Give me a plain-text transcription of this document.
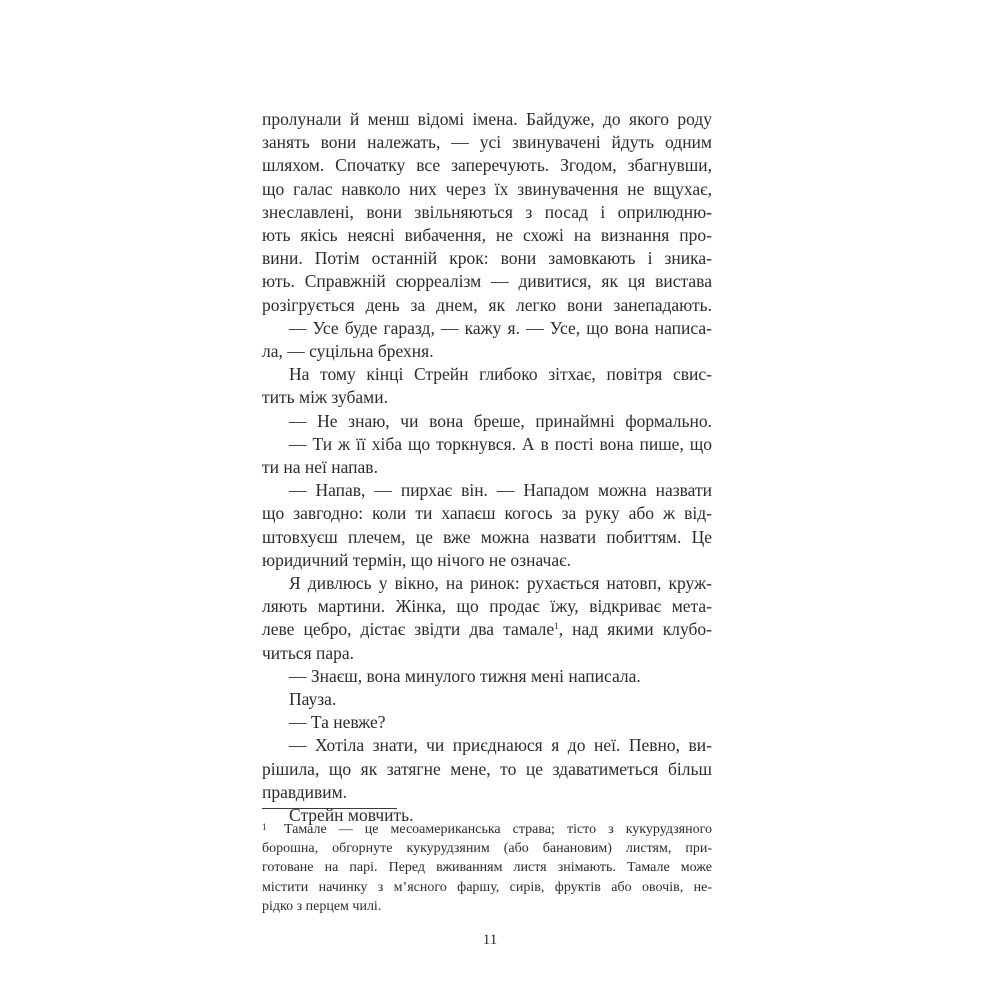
пролунали й менш відомі імена. Байдуже, до якого роду
занять вони належать, — усі звинувачені йдуть одним
шляхом. Спочатку все заперечують. Згодом, збагнувши,
що галас навколо них через їх звинувачення не вщухає,
знеславлені, вони звільняються з посад і оприлюдню-
ють якісь неясні вибачення, не схожі на визнання про-
вини. Потім останній крок: вони замовкають і зника-
ють. Справжній сюрреалізм — дивитися, як ця вистава
розігрується день за днем, як легко вони занепадають.
— Усе буде гаразд, — кажу я. — Усе, що вона написа-
ла, — суцільна брехня.
На тому кінці Стрейн глибоко зітхає, повітря свис-
тить між зубами.
— Не знаю, чи вона бреше, принаймні формально.
— Ти ж її хіба що торкнувся. А в пості вона пише, що
ти на неї напав.
— Напав, — пирхає він. — Нападом можна назвати
що завгодно: коли ти хапаєш когось за руку або ж від-
штовхуєш плечем, це вже можна назвати побиттям. Це
юридичний термін, що нічого не означає.
Я дивлюсь у вікно, на ринок: рухається натовп, круж-
ляють мартини. Жінка, що продає їжу, відкриває мета-
леве цебро, дістає звідти два тамале$^1$, над якими клубо-
читься пара.
— Знаєш, вона минулого тижня мені написала.
Пауза.
— Та невже?
— Хотіла знати, чи приєднаюся я до неї. Певно, ви-
рішила, що як затягне мене, то це здаватиметься більш
правдивим.
Стрейн мовчить.
1 Тамале — це месоамериканська страва; тісто з кукурудзяного
борошна, обгорнуте кукурудзяним (або банановим) листям, при-
готоване на парі. Перед вживанням листя знімають. Тамале може
містити начинку з м’ясного фаршу, сирів, фруктів або овочів, не-
рідко з перцем чилі.
11
